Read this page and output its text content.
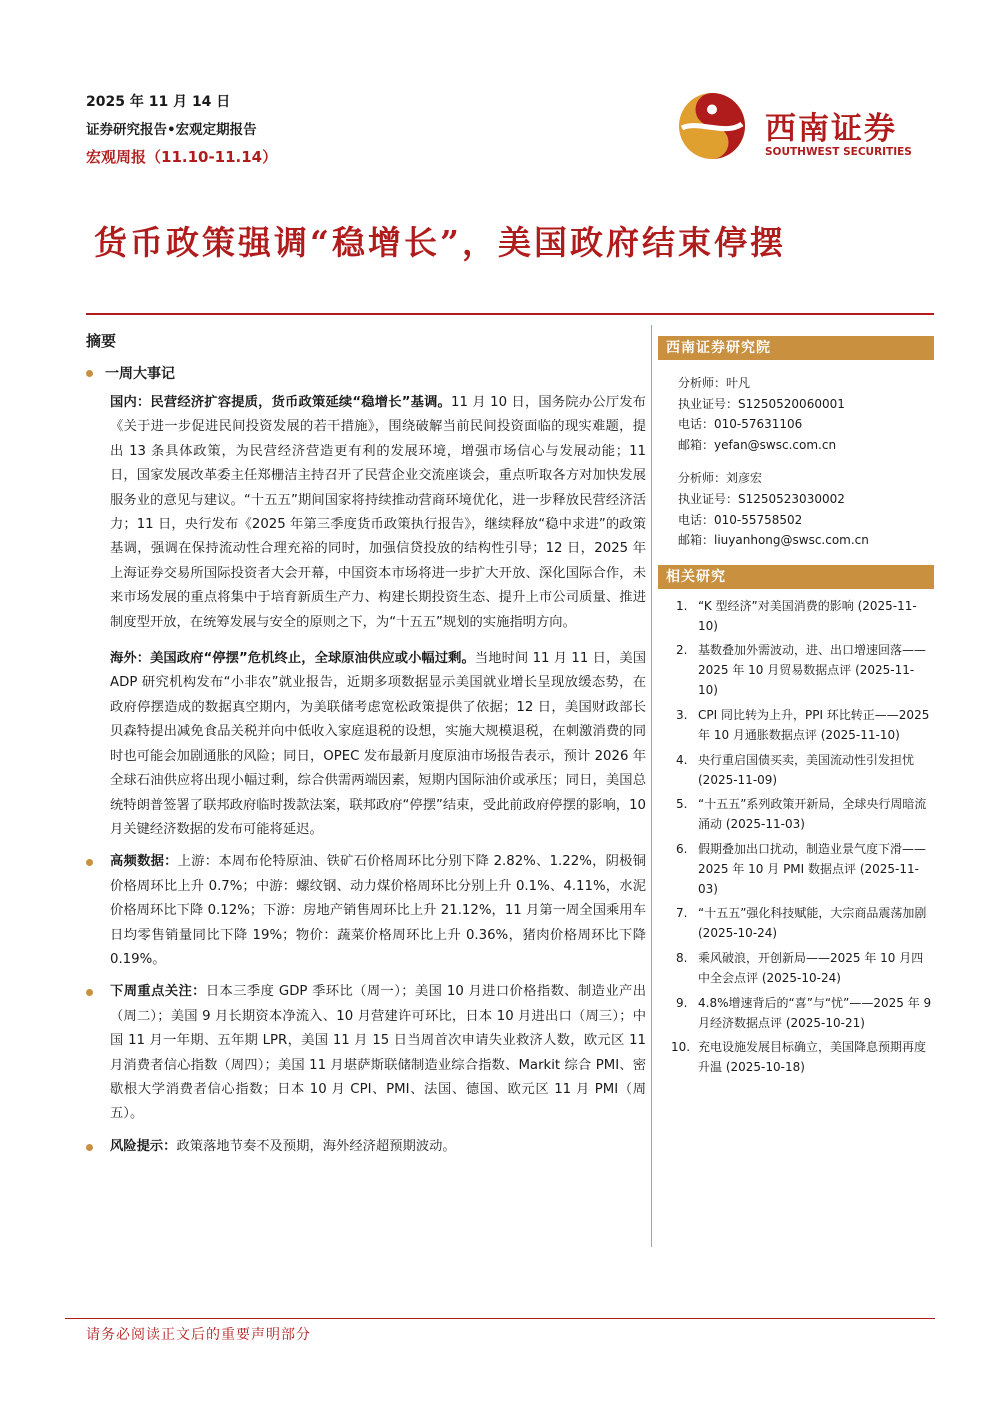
2025 年 11 月 14 日
证券研究报告•宏观定期报告
宏观周报（11.10-11.14）
西南证券
SOUTHWEST SECURITIES
货币政策强调“稳增长”，美国政府结束停摆
摘要
一周大事记

国内：民营经济扩容提质，货币政策延续“稳增长”基调。11 月 10 日，国务院办公厅发布《关于进一步促进民间投资发展的若干措施》，围绕破解当前民间投资面临的现实难题，提出 13 条具体政策，为民营经济营造更有利的发展环境，增强市场信心与发展动能；11 日，国家发展改革委主任郑栅洁主持召开了民营企业交流座谈会，重点听取各方对加快发展服务业的意见与建议。“十五五”期间国家将持续推动营商环境优化，进一步释放民营经济活力；11 日，央行发布《2025 年第三季度货币政策执行报告》，继续释放“稳中求进”的政策基调，强调在保持流动性合理充裕的同时，加强信贷投放的结构性引导；12 日，2025 年上海证券交易所国际投资者大会开幕，中国资本市场将进一步扩大开放、深化国际合作，未来市场发展的重点将集中于培育新质生产力、构建长期投资生态、提升上市公司质量、推进制度型开放，在统筹发展与安全的原则之下，为“十五五”规划的实施指明方向。

海外：美国政府“停摆”危机终止，全球原油供应或小幅过剩。当地时间 11 月 11 日，美国 ADP 研究机构发布“小非农”就业报告，近期多项数据显示美国就业增长呈现放缓态势，在政府停摆造成的数据真空期内，为美联储考虑宽松政策提供了依据；12 日，美国财政部长贝森特提出减免食品关税并向中低收入家庭退税的设想，实施大规模退税，在刺激消费的同时也可能会加剧通胀的风险；同日，OPEC 发布最新月度原油市场报告表示，预计 2026 年全球石油供应将出现小幅过剩，综合供需两端因素，短期内国际油价或承压；同日，美国总统特朗普签署了联邦政府临时拨款法案，联邦政府“停摆”结束，受此前政府停摆的影响，10 月关键经济数据的发布可能将延迟。

高频数据：上游：本周布伦特原油、铁矿石价格周环比分别下降 2.82%、1.22%，阴极铜价格周环比上升 0.7%；中游：螺纹钢、动力煤价格周环比分别上升 0.1%、4.11%，水泥价格周环比下降 0.12%；下游：房地产销售周环比上升 21.12%，11 月第一周全国乘用车日均零售销量同比下降 19%；物价：蔬菜价格周环比上升 0.36%，猪肉价格周环比下降 0.19%。
下周重点关注：日本三季度 GDP 季环比（周一）；美国 10 月进口价格指数、制造业产出（周二）；美国 9 月长期资本净流入、10 月营建许可环比，日本 10 月进出口（周三）；中国 11 月一年期、五年期 LPR，美国 11 月 15 日当周首次申请失业救济人数，欧元区 11 月消费者信心指数（周四）；美国 11 月堪萨斯联储制造业综合指数、Markit 综合 PMI、密歇根大学消费者信心指数；日本 10 月 CPI、PMI、法国、德国、欧元区 11 月 PMI（周五）。
风险提示：政策落地节奏不及预期，海外经济超预期波动。
西南证券研究院
分析师：叶凡
执业证号：S1250520060001
电话：010-57631106
邮箱：yefan@swsc.com.cn
分析师：刘彦宏
执业证号：S1250523030002
电话：010-55758502
邮箱：liuyanhong@swsc.com.cn
相关研究
1. “K 型经济”对美国消费的影响 (2025-11-10)
2. 基数叠加外需波动，进、出口增速回落——2025 年 10 月贸易数据点评 (2025-11-10)
3. CPI 同比转为上升，PPI 环比转正——2025 年 10 月通胀数据点评 (2025-11-10)
4. 央行重启国债买卖，美国流动性引发担忧 (2025-11-09)
5. “十五五”系列政策开新局，全球央行周暗流涌动 (2025-11-03)
6. 假期叠加出口扰动，制造业景气度下滑——2025 年 10 月 PMI 数据点评 (2025-11-03)
7. “十五五”强化科技赋能，大宗商品震荡加剧 (2025-10-24)
8. 乘风破浪，开创新局——2025 年 10 月四中全会点评 (2025-10-24)
9. 4.8%增速背后的“喜”与“忧”——2025 年 9 月经济数据点评 (2025-10-21)
10. 充电设施发展目标确立，美国降息预期再度升温 (2025-10-18)
请务必阅读正文后的重要声明部分
